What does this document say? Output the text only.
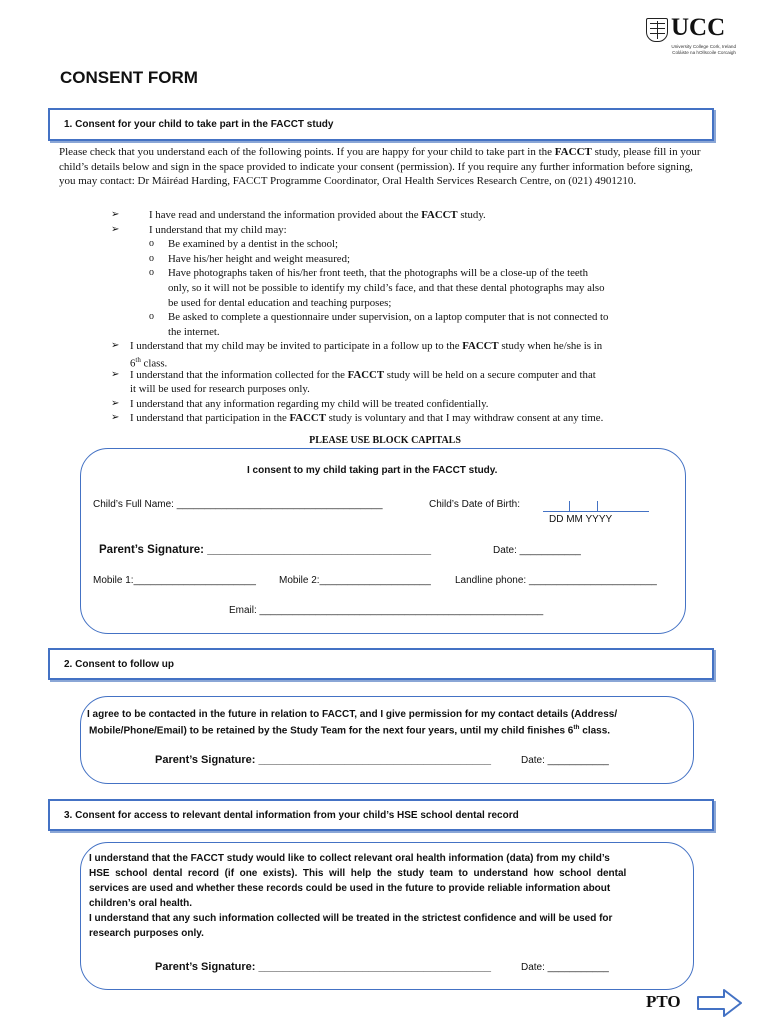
UCC
University College Cork, Ireland
Coláiste na hOllscoile Corcaigh
CONSENT FORM
1. Consent for your child to take part in the FACCT study
Please check that you understand each of the following points. If you are happy for your child to take part in the FACCT study, please fill in your child’s details below and sign in the space provided to indicate your consent (permission). If you require any further information before signing, you may contact: Dr Máiréad Harding, FACCT Programme Coordinator, Oral Health Services Research Centre, on (021) 4901210.
➢	I have read and understand the information provided about the FACCT study.
➢	I understand that my child may:
o Be examined by a dentist in the school;
o Have his/her height and weight measured;
o Have photographs taken of his/her front teeth, that the photographs will be a close-up of the teeth
only, so it will not be possible to identify my child’s face, and that these dental photographs may also
be used for dental education and teaching purposes;
o Be asked to complete a questionnaire under supervision, on a laptop computer that is not connected to
the internet.
➢ I understand that my child may be invited to participate in a follow up to the FACCT study when he/she is in
6th class.
➢ I understand that the information collected for the FACCT study will be held on a secure computer and that
it will be used for research purposes only.
➢ I understand that any information regarding my child will be treated confidentially.
➢ I understand that participation in the FACCT study is voluntary and that I may withdraw consent at any time.
PLEASE USE BLOCK CAPITALS
I consent to my child taking part in the FACCT study.
Child’s Full Name: _____________________________________	Child’s Date of Birth:
DD MM YYYY
Parent’s Signature: ___________________________________	Date: ___________
Mobile 1:______________________ Mobile 2:____________________ Landline phone: _______________________
Email: ___________________________________________________
2. Consent to follow up
I agree to be contacted in the future in relation to FACCT, and I give permission for my contact details (Address/
Mobile/Phone/Email) to be retained by the Study Team for the next four years, until my child finishes 6th class.
Parent’s Signature: ______________________________________	Date: ___________
3. Consent for access to relevant dental information from your child’s HSE school dental record
I understand that the FACCT study would like to collect relevant oral health information (data) from my child’s
HSE  school  dental  record  (if  one  exists).  This  will  help  the  study  team  to  understand  how  school  dental
services are used and whether these records could be used in the future to provide reliable information about
children’s oral health.
I understand that any such information collected will be treated in the strictest confidence and will be used for
research purposes only.
Parent’s Signature: ______________________________________	Date: ___________
PTO
